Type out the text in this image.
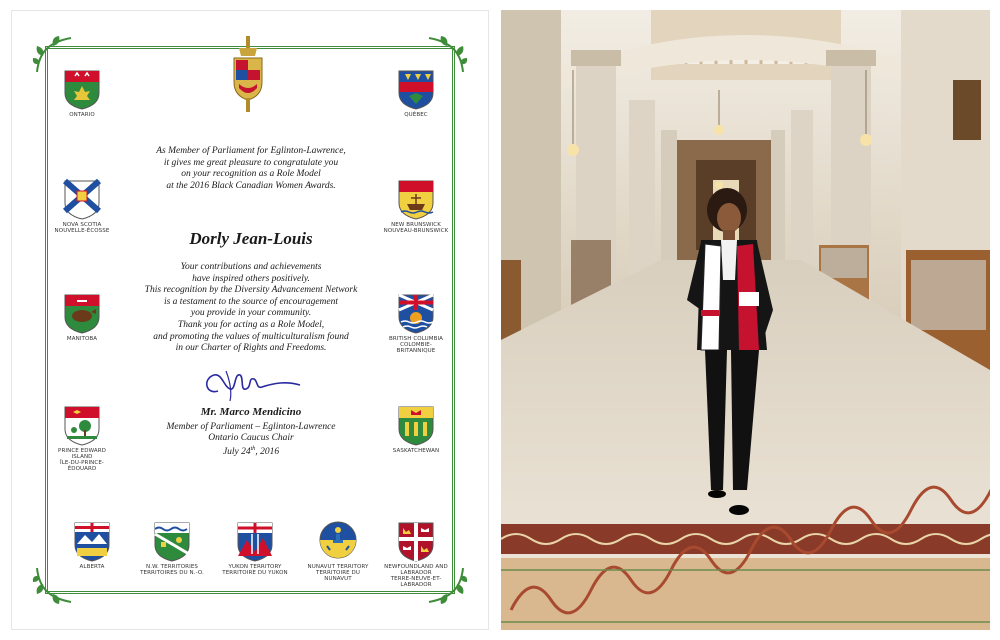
ONTARIO	QUÉBEC
NOVA SCOTIA
NOUVELLE-ÉCOSSE
NEW BRUNSWICK
NOUVEAU-BRUNSWICK
MANITOBA	BRITISH COLUMBIA
COLOMBIE-BRITANNIQUE
PRINCE EDWARD ISLAND
ÎLE-DU-PRINCE-ÉDOUARD
SASKATCHEWAN
ALBERTA	N.W. TERRITORIES
TERRITOIRES DU N.-O.
YUKON TERRITORY
TERRITOIRE DU YUKON
NUNAVUT TERRITORY
TERRITOIRE DU NUNAVUT
NEWFOUNDLAND AND LABRADOR
TERRE-NEUVE-ET-LABRADOR
As Member of Parliament for Eglinton-Lawrence,
it gives me great pleasure to congratulate you
on your recognition as a Role Model
at the 2016 Black Canadian Women Awards.
Dorly Jean-Louis
Your contributions and achievements
have inspired others positively.
This recognition by the Diversity Advancement Network
is a testament to the source of encouragement
you provide in your community.
Thank you for acting as a Role Model,
and promoting the values of multiculturalism found
in our Charter of Rights and Freedoms.
Mr. Marco Mendicino
Member of Parliament – Eglinton-Lawrence
Ontario Caucus Chair
July 24th, 2016
